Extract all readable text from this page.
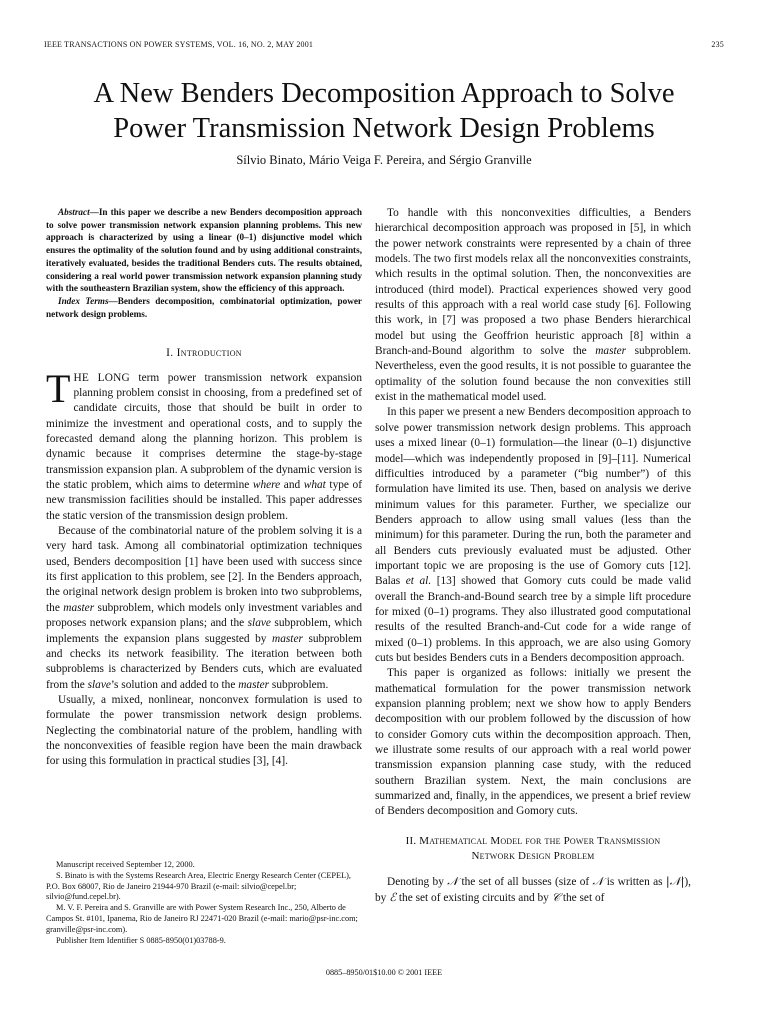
IEEE TRANSACTIONS ON POWER SYSTEMS, VOL. 16, NO. 2, MAY 2001	235
A New Benders Decomposition Approach to Solve
Power Transmission Network Design Problems
Sílvio Binato, Mário Veiga F. Pereira, and Sérgio Granville

Abstract—In this paper we describe a new Benders decomposition approach to solve power transmission network expansion planning problems. This new approach is characterized by using a linear (0–1) disjunctive model which ensures the optimality of the solution found and by using additional constraints, iteratively evaluated, besides the traditional Benders cuts. The results obtained, considering a real world power transmission network expansion planning study with the southeastern Brazilian system, show the efficiency of this approach.

Index Terms—Benders decomposition, combinatorial optimization, power network design problems.

I. Introduction

THE LONG term power transmission network expansion planning problem consist in choosing, from a predefined set of candidate circuits, those that should be built in order to minimize the investment and operational costs, and to supply the forecasted demand along the planning horizon. This problem is dynamic because it comprises determine the stage-by-stage transmission expansion plan. A subproblem of the dynamic version is the static problem, which aims to determine where and what type of new transmission facilities should be installed. This paper addresses the static version of the transmission design problem.

Because of the combinatorial nature of the problem solving it is a very hard task. Among all combinatorial optimization techniques used, Benders decomposition [1] have been used with success since its first application to this problem, see [2]. In the Benders approach, the original network design problem is broken into two subproblems, the master subproblem, which models only investment variables and proposes network expansion plans; and the slave subproblem, which implements the expansion plans suggested by master subproblem and checks its network feasibility. The iteration between both subproblems is characterized by Benders cuts, which are evaluated from the slave’s solution and added to the master subproblem.

Usually, a mixed, nonlinear, nonconvex formulation is used to formulate the power transmission network design problems. Neglecting the combinatorial nature of the problem, handling with the nonconvexities of feasible region have been the main drawback for using this formulation in practical studies [3], [4].

Manuscript received September 12, 2000.

S. Binato is with the Systems Research Area, Electric Energy Research Center (CEPEL), P.O. Box 68007, Rio de Janeiro 21944-970 Brazil (e-mail: silvio@cepel.br; silvio@fund.cepel.br).

M. V. F. Pereira and S. Granville are with Power System Research Inc., 250, Alberto de Campos St. #101, Ipanema, Rio de Janeiro RJ 22471-020 Brazil (e-mail: mario@psr-inc.com; granville@psr-inc.com).

Publisher Item Identifier S 0885-8950(01)03788-9.

To handle with this nonconvexities difficulties, a Benders hierarchical decomposition approach was proposed in [5], in which the power network constraints were represented by a chain of three models. The two first models relax all the nonconvexities constraints, which results in the optimal solution. Then, the nonconvexities are introduced (third model). Practical experiences showed very good results of this approach with a real world case study [6]. Following this work, in [7] was proposed a two phase Benders hierarchical model but using the Geoffrion heuristic approach [8] within a Branch-and-Bound algorithm to solve the master subproblem. Nevertheless, even the good results, it is not possible to guarantee the optimality of the solution found because the non convexities still exist in the mathematical model used.

In this paper we present a new Benders decomposition approach to solve power transmission network design problems. This approach uses a mixed linear (0–1) formulation—the linear (0–1) disjunctive model—which was independently proposed in [9]–[11]. Numerical difficulties introduced by a parameter (“big number”) of this formulation have limited its use. Then, based on analysis we derive minimum values for this parameter. Further, we specialize our Benders approach to allow using small values (less than the minimum) for this parameter. During the run, both the parameter and all Benders cuts previously evaluated must be adjusted. Other important topic we are proposing is the use of Gomory cuts [12]. Balas et al. [13] showed that Gomory cuts could be made valid overall the Branch-and-Bound search tree by a simple lift procedure for mixed (0–1) programs. They also illustrated good computational results of the resulted Branch-and-Cut code for a wide range of mixed (0–1) problems. In this approach, we are also using Gomory cuts but besides Benders cuts in a Benders decomposition approach.

This paper is organized as follows: initially we present the mathematical formulation for the power transmission network expansion planning problem; next we show how to apply Benders decomposition with our problem followed by the discussion of how to consider Gomory cuts within the decomposition approach. Then, we illustrate some results of our approach with a real world power transmission expansion planning case study, with the reduced southern Brazilian system. Next, the main conclusions are summarized and, finally, in the appendices, we present a brief review of Benders decomposition and Gomory cuts.

II. Mathematical Model for the Power Transmission
Network Design Problem

Denoting by 𝒩 the set of all busses (size of 𝒩 is written as |𝒩|), by ℰ the set of existing circuits and by 𝒞 the set of

0885–8950/01$10.00 © 2001 IEEE
